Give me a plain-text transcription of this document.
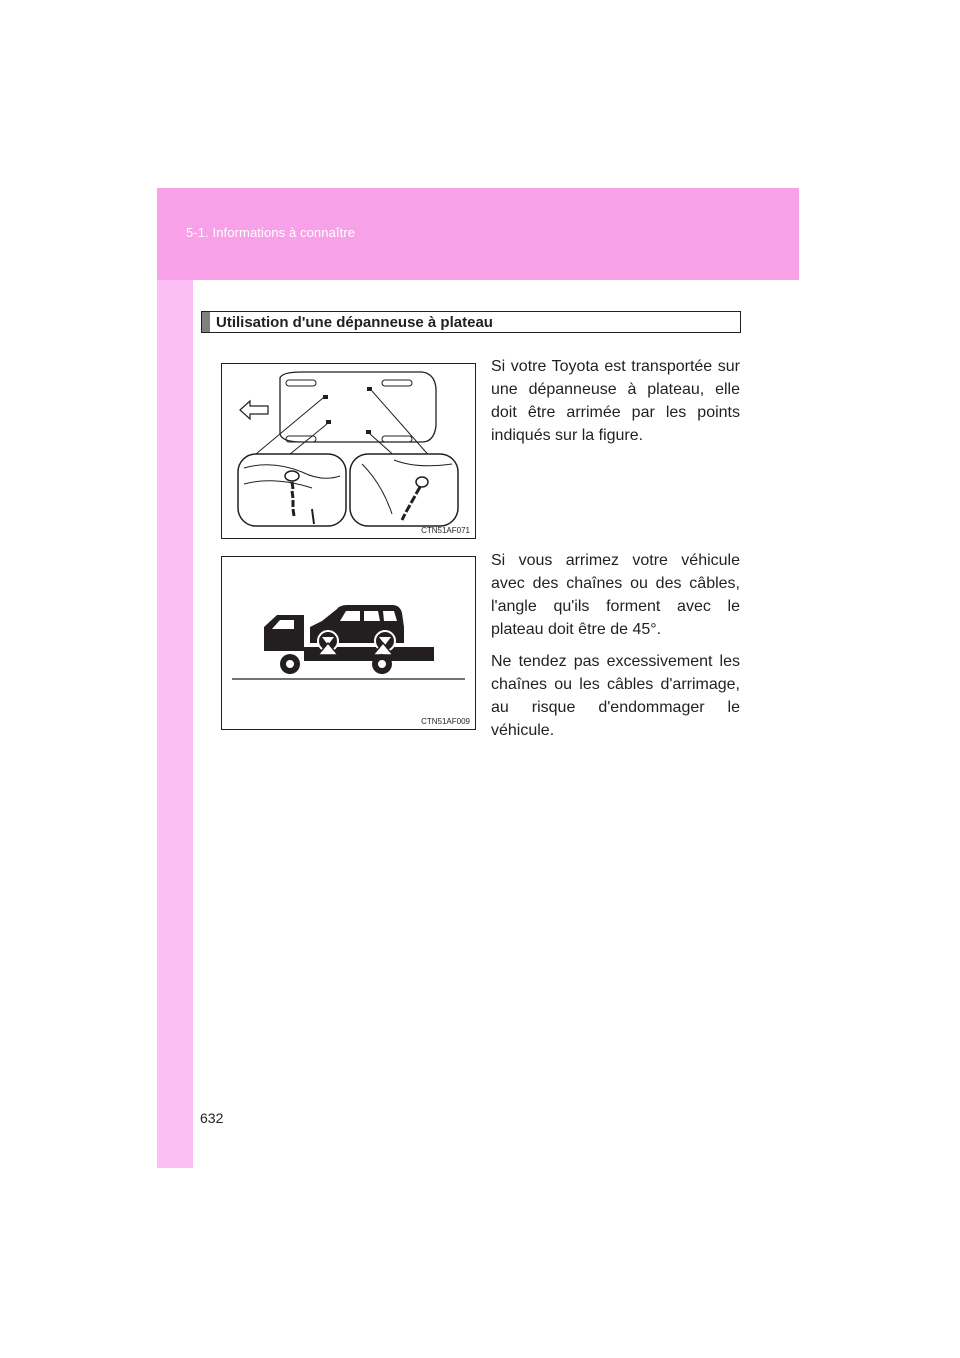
5-1. Informations à connaître
Utilisation d'une dépanneuse à plateau
CTN51AF071
CTN51AF009

Si votre Toyota est transportée sur une dépanneuse à plateau, elle doit être arrimée par les points indiqués sur la figure.

Si vous arrimez votre véhicule avec des chaînes ou des câbles, l'angle qu'ils forment avec le plateau doit être de 45°.

Ne tendez pas excessivement les chaînes ou les câbles d'arrimage, au risque d'endommager le véhicule.

632
